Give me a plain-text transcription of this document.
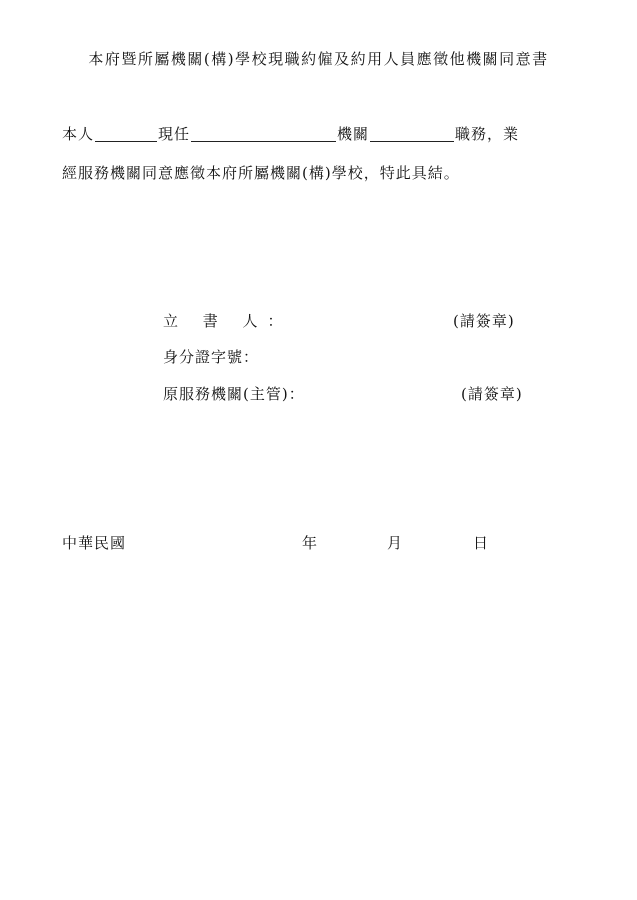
本府暨所屬機關(構)學校現職約僱及約用人員應徵他機關同意書
本人	現任	機關	職務，業
經服務機關同意應徵本府所屬機關(構)學校，特此具結。
立 書 人：	(請簽章)
身分證字號：
原服務機關(主管)：	(請簽章)
中華民國	年	月	日
